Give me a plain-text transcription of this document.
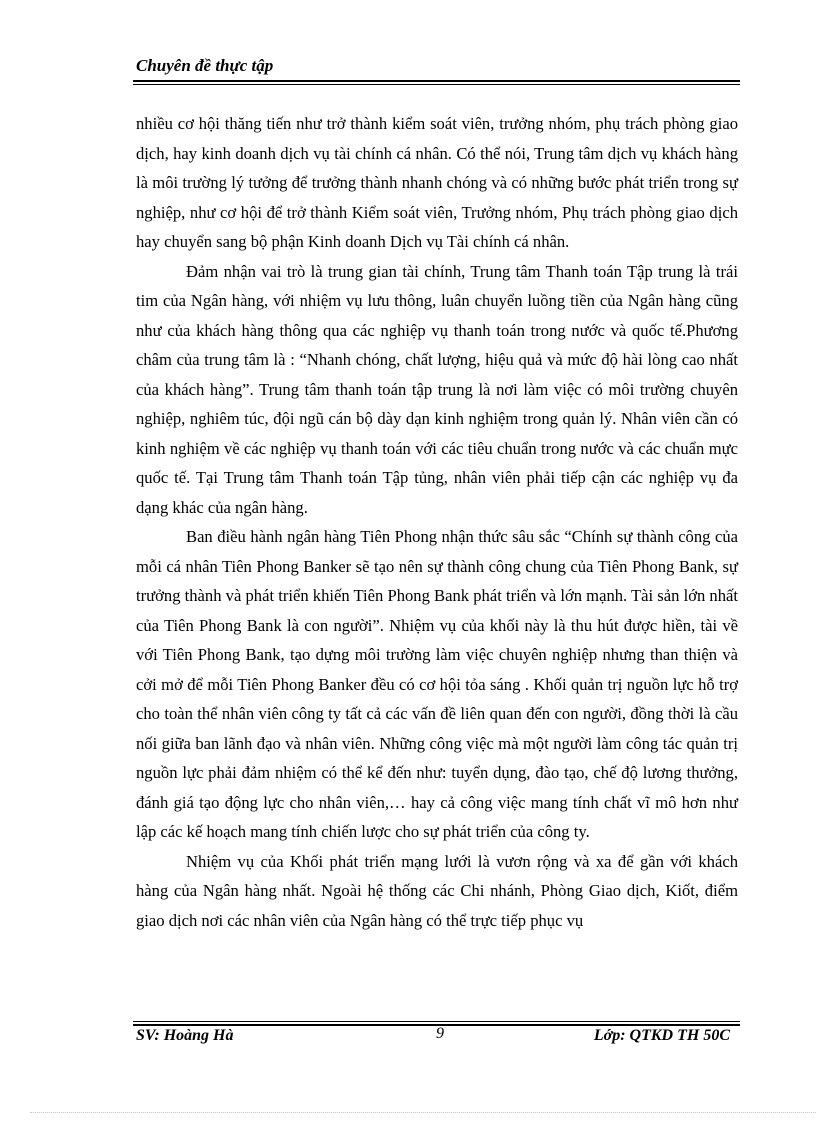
Chuyên đề thực tập

nhiều cơ hội thăng tiến như trở thành kiểm soát viên, trưởng nhóm, phụ trách phòng giao dịch, hay kinh doanh dịch vụ tài chính cá nhân. Có thể nói, Trung tâm dịch vụ khách hàng là môi trường lý tưởng để trưởng thành nhanh chóng và có những bước phát triển trong sự nghiệp, như cơ hội để trở thành Kiểm soát viên, Trưởng nhóm, Phụ trách phòng giao dịch hay chuyển sang bộ phận Kinh doanh Dịch vụ Tài chính cá nhân.

Đảm nhận vai trò là trung gian tài chính, Trung tâm Thanh toán Tập trung là trái tim của Ngân hàng, với nhiệm vụ lưu thông, luân chuyển luồng tiền của Ngân hàng cũng như của khách hàng thông qua các nghiệp vụ thanh toán trong nước và quốc tế.Phương châm của trung tâm là : “Nhanh chóng, chất lượng, hiệu quả và mức độ hài lòng cao nhất của khách hàng”. Trung tâm thanh toán tập trung là nơi làm việc có môi trường chuyên nghiệp, nghiêm túc, đội ngũ cán bộ dày dạn kinh nghiệm trong quản lý. Nhân viên cần có kinh nghiệm về các nghiệp vụ thanh toán với các tiêu chuẩn trong nước và các chuẩn mực quốc tế. Tại Trung tâm Thanh toán Tập tủng, nhân viên phải tiếp cận các nghiệp vụ đa dạng khác của ngân hàng.

Ban điều hành ngân hàng Tiên Phong nhận thức sâu sắc “Chính sự thành công của mỗi cá nhân Tiên Phong Banker sẽ tạo nên sự thành công chung của Tiên Phong Bank, sự trưởng thành và phát triển khiến Tiên Phong Bank phát triển và lớn mạnh. Tài sản lớn nhất của Tiên Phong Bank là con người”. Nhiệm vụ của khối này là thu hút được hiền, tài về với Tiên Phong Bank, tạo dựng môi trường làm việc chuyên nghiệp nhưng than thiện và cởi mở để mỗi Tiên Phong Banker đều có cơ hội tỏa sáng . Khối quản trị nguồn lực hỗ trợ cho toàn thể nhân viên công ty tất cả các vấn đề liên quan đến con người, đồng thời là cầu nối giữa ban lãnh đạo và nhân viên. Những công việc mà một người làm công tác quản trị nguồn lực phải đảm nhiệm có thể kể đến như: tuyển dụng, đào tạo, chế độ lương thưởng, đánh giá tạo động lực cho nhân viên,… hay cả công việc mang tính chất vĩ mô hơn như lập các kế hoạch mang tính chiến lược cho sự phát triển của công ty.

Nhiệm vụ của Khối phát triển mạng lưới là vươn rộng và xa để gần với khách hàng của Ngân hàng nhất. Ngoài hệ thống các Chi nhánh, Phòng Giao dịch, Kiốt, điểm giao dịch nơi các nhân viên của Ngân hàng có thể trực tiếp phục vụ

SV: Hoàng Hà	9	Lớp: QTKD TH 50C
